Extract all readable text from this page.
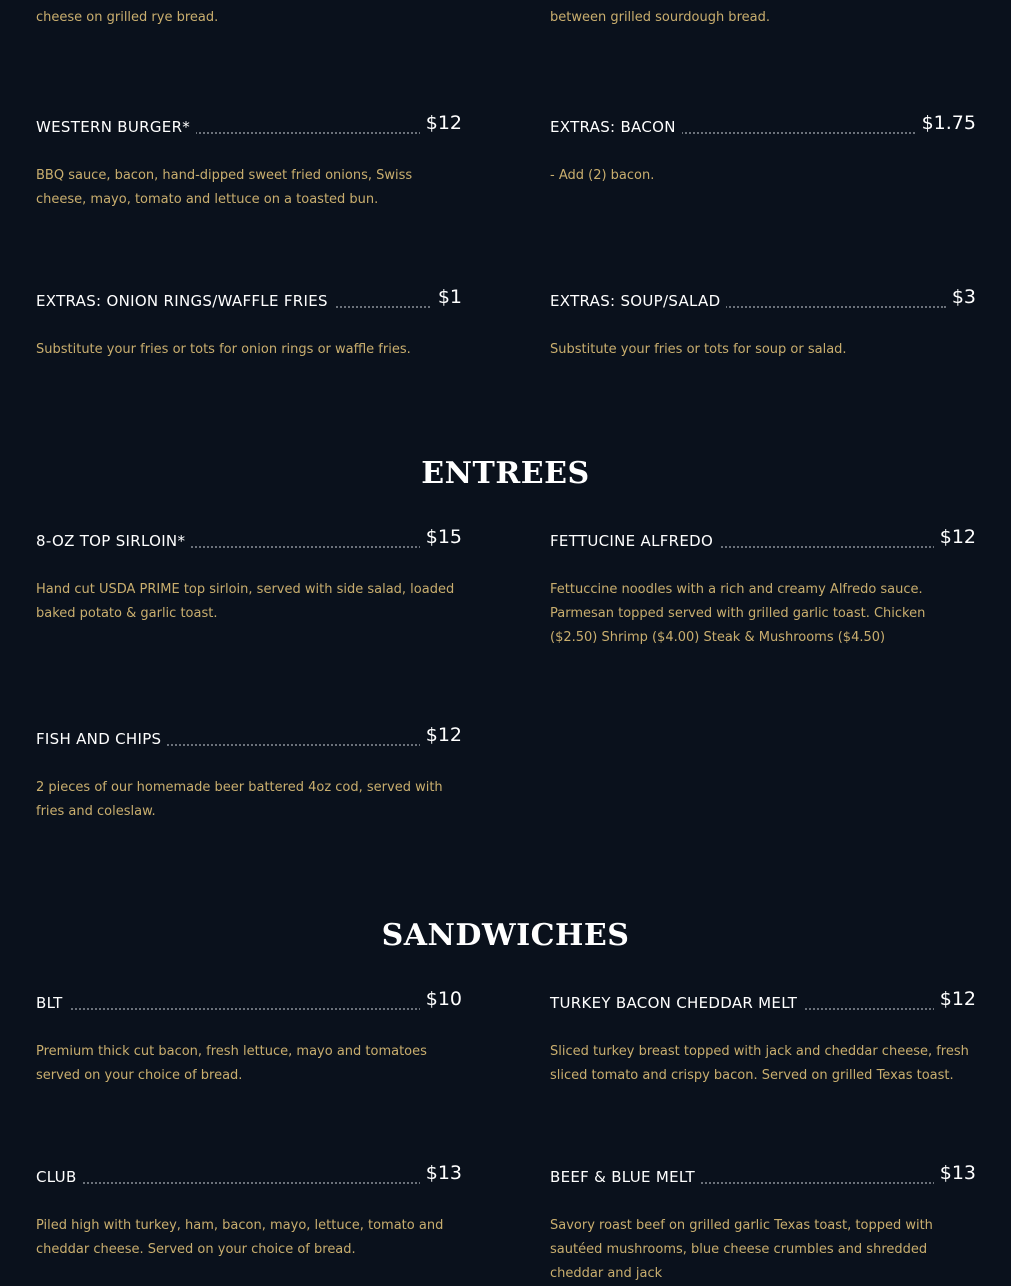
cheese on grilled rye bread.	between grilled sourdough bread.
WESTERN BURGER*	$12
BBQ sauce, bacon, hand-dipped sweet fried onions, Swiss cheese, mayo, tomato and lettuce on a toasted bun.
EXTRAS: BACON	$1.75
- Add (2) bacon.
EXTRAS: ONION RINGS/WAFFLE FRIES	$1
Substitute your fries or tots for onion rings or waffle fries.
EXTRAS: SOUP/SALAD	$3
Substitute your fries or tots for soup or salad.
ENTREES
8-OZ TOP SIRLOIN*	$15
Hand cut USDA PRIME top sirloin, served with side salad, loaded baked potato & garlic toast.
FETTUCINE ALFREDO	$12
Fettuccine noodles with a rich and creamy Alfredo sauce. Parmesan topped served with grilled garlic toast. Chicken ($2.50) Shrimp ($4.00) Steak & Mushrooms ($4.50)
FISH AND CHIPS	$12
2 pieces of our homemade beer battered 4oz cod, served with fries and coleslaw.
SANDWICHES
BLT	$10
Premium thick cut bacon, fresh lettuce, mayo and tomatoes served on your choice of bread.
TURKEY BACON CHEDDAR MELT	$12
Sliced turkey breast topped with jack and cheddar cheese, fresh sliced tomato and crispy bacon. Served on grilled Texas toast.
CLUB	$13
Piled high with turkey, ham, bacon, mayo, lettuce, tomato and cheddar cheese. Served on your choice of bread.
BEEF & BLUE MELT	$13
Savory roast beef on grilled garlic Texas toast, topped with sautéed mushrooms, blue cheese crumbles and shredded cheddar and jack
